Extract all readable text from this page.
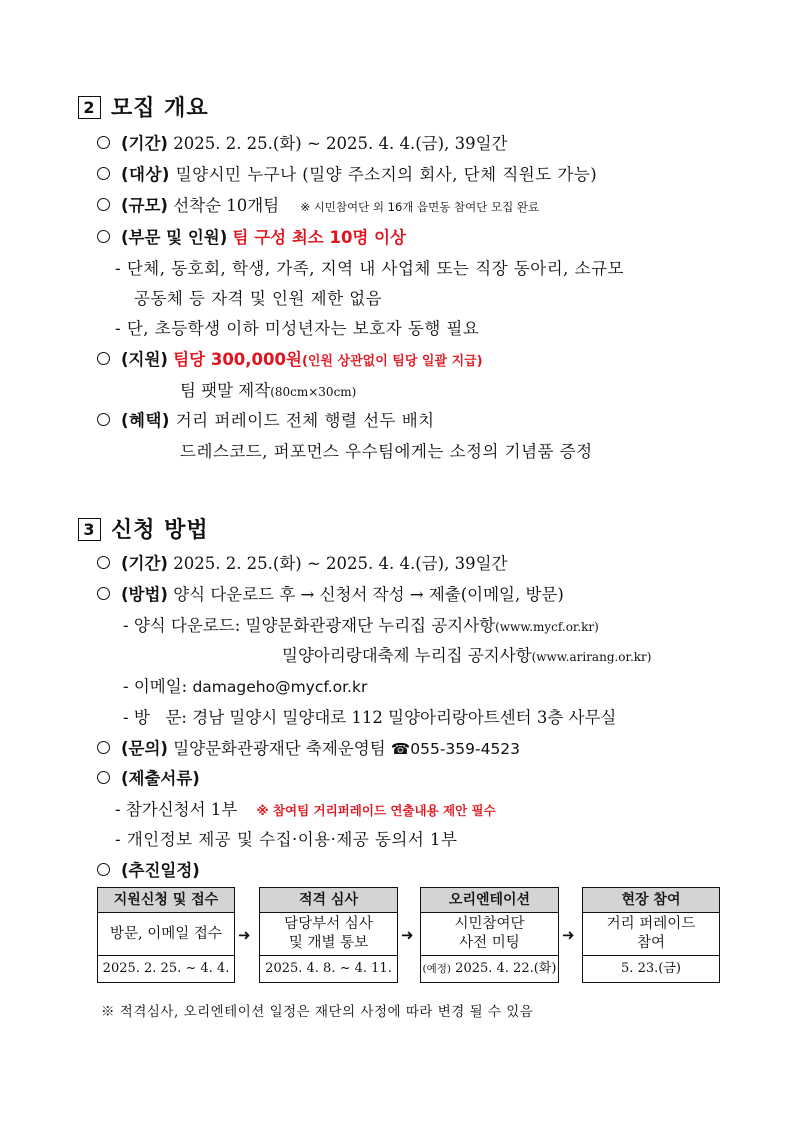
2 모집 개요
(기간) 2025. 2. 25.(화) ~ 2025. 4. 4.(금), 39일간
(대상) 밀양시민 누구나 (밀양 주소지의 회사, 단체 직원도 가능)
(규모) 선착순 10개팀 ※ 시민참여단 외 16개 읍면동 참여단 모집 완료
(부문 및 인원) 팀 구성 최소 10명 이상
- 단체, 동호회, 학생, 가족, 지역 내 사업체 또는 직장 동아리, 소규모
공동체 등 자격 및 인원 제한 없음
- 단, 초등학생 이하 미성년자는 보호자 동행 필요
(지원) 팀당 300,000원(인원 상관없이 팀당 일괄 지급)
팀 팻말 제작(80cm×30cm)
(혜택) 거리 퍼레이드 전체 행렬 선두 배치
드레스코드, 퍼포먼스 우수팀에게는 소정의 기념품 증정
3 신청 방법
(기간) 2025. 2. 25.(화) ~ 2025. 4. 4.(금), 39일간
(방법) 양식 다운로드 후 → 신청서 작성 → 제출(이메일, 방문)
- 양식 다운로드: 밀양문화관광재단 누리집 공지사항(www.mycf.or.kr)
밀양아리랑대축제 누리집 공지사항(www.arirang.or.kr)
- 이메일: damageho@mycf.or.kr
- 방   문: 경남 밀양시 밀양대로 112 밀양아리랑아트센터 3층 사무실
(문의) 밀양문화관광재단 축제운영팀 ☎055-359-4523
(제출서류)
- 참가신청서 1부 ※ 참여팀 거리퍼레이드 연출내용 제안 필수
- 개인정보 제공 및 수집·이용·제공 동의서 1부
(추진일정)
지원신청 및 접수
방문, 이메일 접수
2025. 2. 25. ~ 4. 4.
➜
적격 심사
담당부서 심사
및 개별 통보
2025. 4. 8. ~ 4. 11.
➜
오리엔테이션
시민참여단
사전 미팅
(예정) 2025. 4. 22.(화)
➜
현장 참여
거리 퍼레이드
참여
5. 23.(금)
※ 적격심사, 오리엔테이션 일정은 재단의 사정에 따라 변경 될 수 있음
